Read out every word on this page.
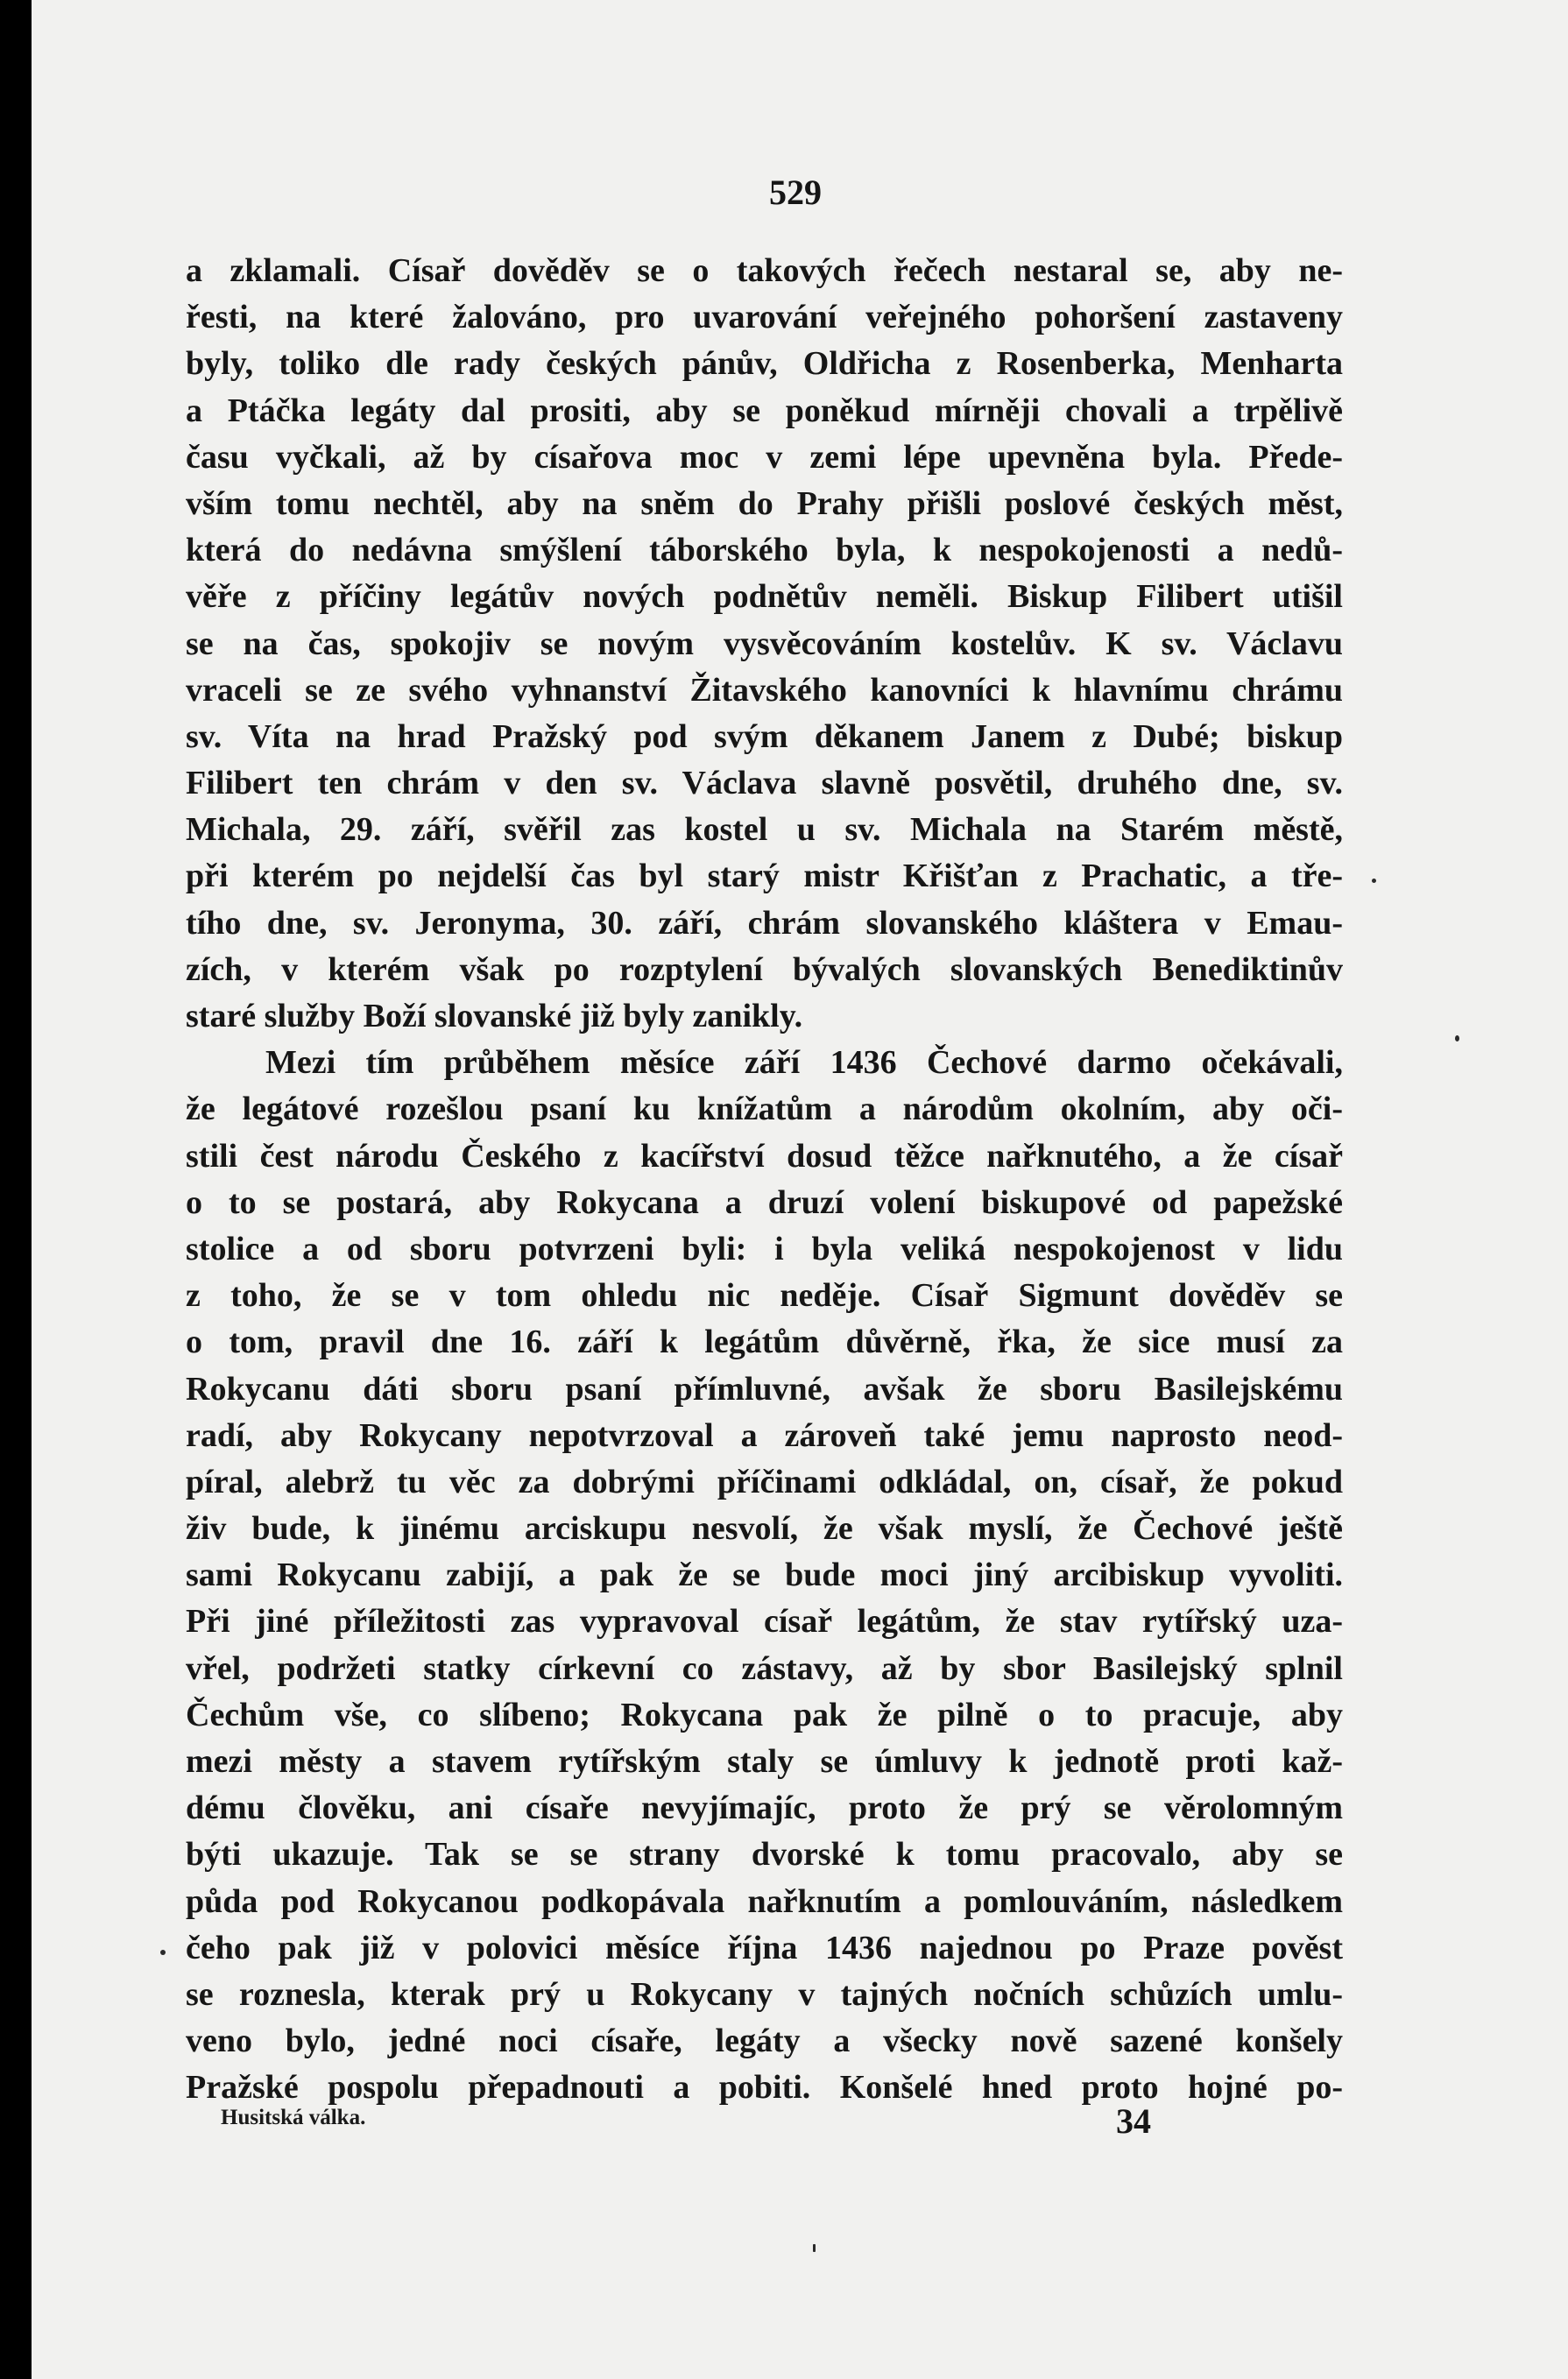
529
a zklamali. Císař dověděv se o takových řečech nestaral se, aby ne-
řesti, na které žalováno, pro uvarování veřejného pohoršení zastaveny
byly, toliko dle rady českých pánův, Oldřicha z Rosenberka, Menharta
a Ptáčka legáty dal prositi, aby se poněkud mírněji chovali a trpělivě
času vyčkali, až by císařova moc v zemi lépe upevněna byla. Přede-
vším tomu nechtěl, aby na sněm do Prahy přišli poslové českých měst,
která do nedávna smýšlení táborského byla, k nespokojenosti a nedů-
věře z příčiny legátův nových podnětův neměli. Biskup Filibert utišil
se na čas, spokojiv se novým vysvěcováním kostelův. K sv. Václavu
vraceli se ze svého vyhnanství Žitavského kanovníci k hlavnímu chrámu
sv. Víta na hrad Pražský pod svým děkanem Janem z Dubé; biskup
Filibert ten chrám v den sv. Václava slavně posvětil, druhého dne, sv.
Michala, 29. září, svěřil zas kostel u sv. Michala na Starém městě,
při kterém po nejdelší čas byl starý mistr Křišťan z Prachatic, a tře-
tího dne, sv. Jeronyma, 30. září, chrám slovanského kláštera v Emau-
zích, v kterém však po rozptylení bývalých slovanských Benediktinův
staré služby Boží slovanské již byly zanikly.
Mezi tím průběhem měsíce září 1436 Čechové darmo očekávali,
že legátové rozešlou psaní ku knížatům a národům okolním, aby oči-
stili čest národu Českého z kacířství dosud těžce nařknutého, a že císař
o to se postará, aby Rokycana a druzí volení biskupové od papežské
stolice a od sboru potvrzeni byli: i byla veliká nespokojenost v lidu
z toho, že se v tom ohledu nic neděje. Císař Sigmunt dověděv se
o tom, pravil dne 16. září k legátům důvěrně, řka, že sice musí za
Rokycanu dáti sboru psaní přímluvné, avšak že sboru Basilejskému
radí, aby Rokycany nepotvrzoval a zároveň také jemu naprosto neod-
píral, alebrž tu věc za dobrými příčinami odkládal, on, císař, že pokud
živ bude, k jinému arciskupu nesvolí, že však myslí, že Čechové ještě
sami Rokycanu zabijí, a pak že se bude moci jiný arcibiskup vyvoliti.
Při jiné příležitosti zas vypravoval císař legátům, že stav rytířský uza-
vřel, podržeti statky církevní co zástavy, až by sbor Basilejský splnil
Čechům vše, co slíbeno; Rokycana pak že pilně o to pracuje, aby
mezi městy a stavem rytířským staly se úmluvy k jednotě proti kaž-
dému člověku, ani císaře nevyjímajíc, proto že prý se věrolomným
býti ukazuje. Tak se se strany dvorské k tomu pracovalo, aby se
půda pod Rokycanou podkopávala nařknutím a pomlouváním, následkem
čeho pak již v polovici měsíce října 1436 najednou po Praze pověst
se roznesla, kterak prý u Rokycany v tajných nočních schůzích umlu-
veno bylo, jedné noci císaře, legáty a všecky nově sazené konšely
Pražské pospolu přepadnouti a pobiti. Konšelé hned proto hojné po-
Husitská válka.	34
